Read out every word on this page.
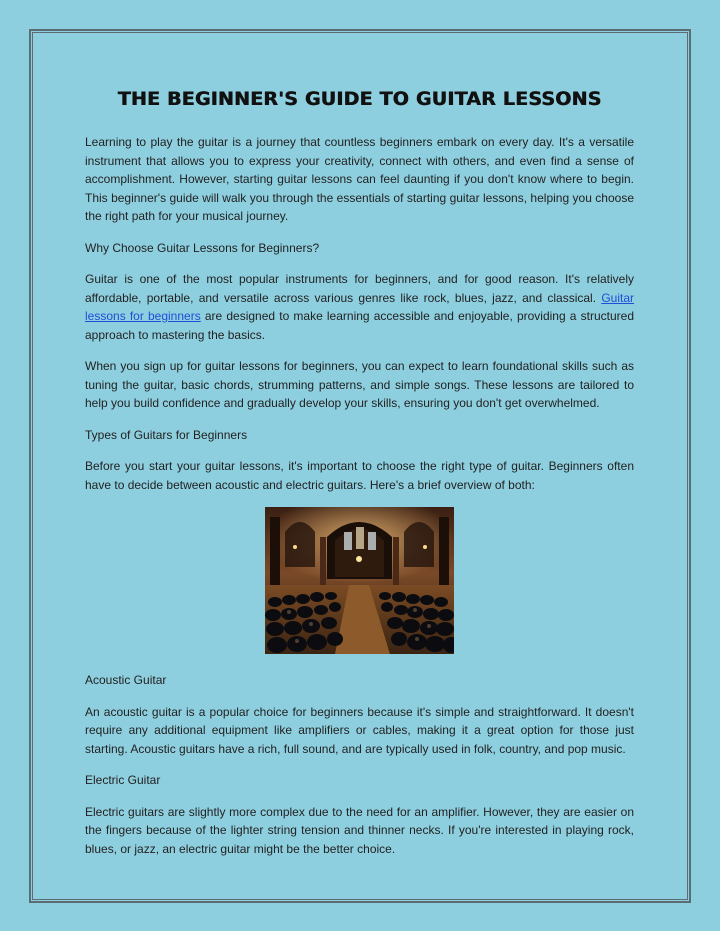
THE BEGINNER'S GUIDE TO GUITAR LESSONS

Learning to play the guitar is a journey that countless beginners embark on every day. It's a versatile instrument that allows you to express your creativity, connect with others, and even find a sense of accomplishment. However, starting guitar lessons can feel daunting if you don't know where to begin. This beginner's guide will walk you through the essentials of starting guitar lessons, helping you choose the right path for your musical journey.

Why Choose Guitar Lessons for Beginners?

Guitar is one of the most popular instruments for beginners, and for good reason. It's relatively affordable, portable, and versatile across various genres like rock, blues, jazz, and classical. Guitar lessons for beginners are designed to make learning accessible and enjoyable, providing a structured approach to mastering the basics.

When you sign up for guitar lessons for beginners, you can expect to learn foundational skills such as tuning the guitar, basic chords, strumming patterns, and simple songs. These lessons are tailored to help you build confidence and gradually develop your skills, ensuring you don't get overwhelmed.

Types of Guitars for Beginners

Before you start your guitar lessons, it's important to choose the right type of guitar. Beginners often have to decide between acoustic and electric guitars. Here's a brief overview of both:

Acoustic Guitar

An acoustic guitar is a popular choice for beginners because it's simple and straightforward. It doesn't require any additional equipment like amplifiers or cables, making it a great option for those just starting. Acoustic guitars have a rich, full sound, and are typically used in folk, country, and pop music.

Electric Guitar

Electric guitars are slightly more complex due to the need for an amplifier. However, they are easier on the fingers because of the lighter string tension and thinner necks. If you're interested in playing rock, blues, or jazz, an electric guitar might be the better choice.
